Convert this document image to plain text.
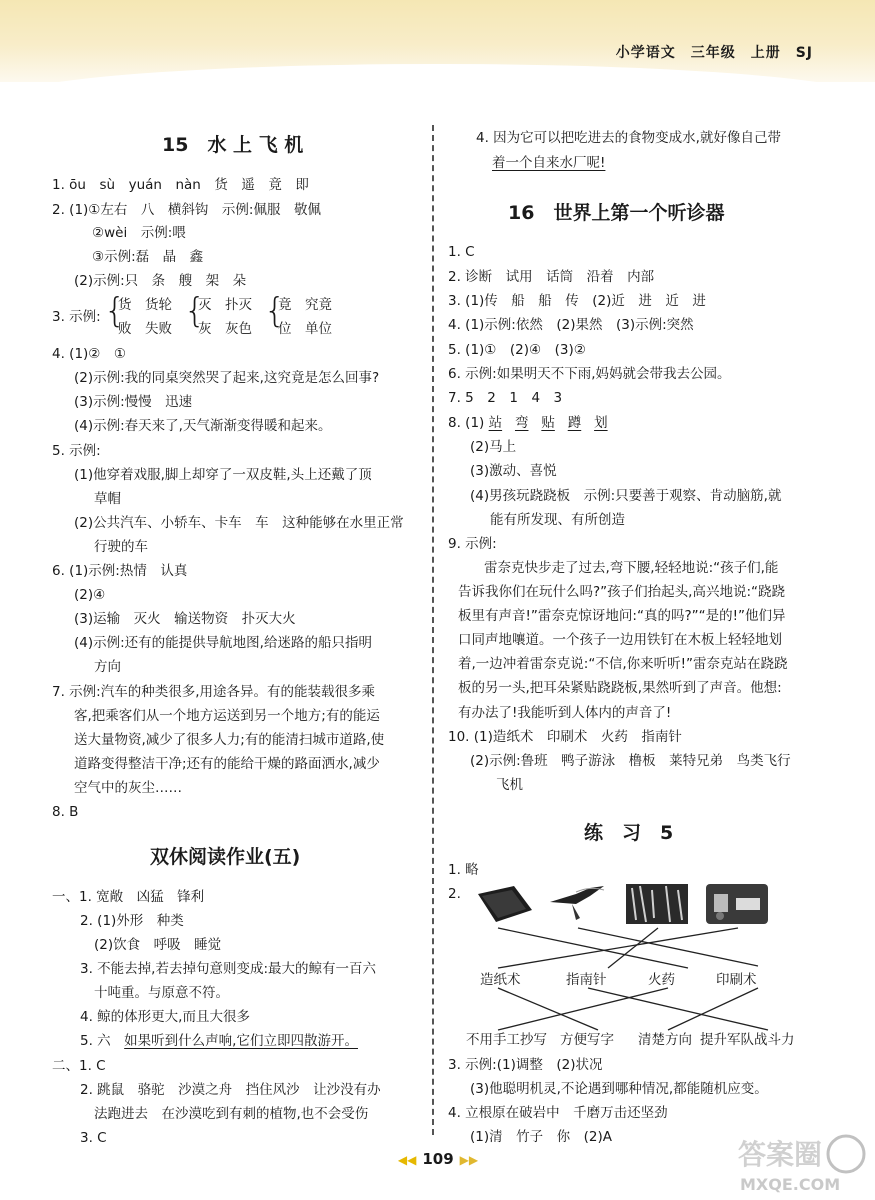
小学语文　三年级　上册　SJ
15　水 上 飞 机
1. ōu　sù　yuán　nàn　货　遥　竟　即
2. (1)①左右　八　横斜钩　示例:佩服　敬佩
②wèi　示例:喂
③示例:磊　晶　鑫
(2)示例:只　条　艘　架　朵
3. 示例: {
货　货轮
败　失败 {
灭　扑灭
灰　灰色 {
竟　究竟
位　单位
4. (1)②　①
(2)示例:我的同桌突然哭了起来,这究竟是怎么回事?
(3)示例:慢慢　迅速
(4)示例:春天来了,天气渐渐变得暖和起来。
5. 示例:
(1)他穿着戏服,脚上却穿了一双皮鞋,头上还戴了顶
草帽
(2)公共汽车、小轿车、卡车　车　这种能够在水里正常
行驶的车
6. (1)示例:热情　认真
(2)④
(3)运输　灭火　输送物资　扑灭大火
(4)示例:还有的能提供导航地图,给迷路的船只指明
方向
7. 示例:汽车的种类很多,用途各异。有的能装载很多乘
客,把乘客们从一个地方运送到另一个地方;有的能运
送大量物资,减少了很多人力;有的能清扫城市道路,使
道路变得整洁干净;还有的能给干燥的路面洒水,减少
空气中的灰尘……
8. B
双休阅读作业(五)
一、1. 宽敞　凶猛　锋利
2. (1)外形　种类
(2)饮食　呼吸　睡觉
3. 不能去掉,若去掉句意则变成:最大的鲸有一百六
十吨重。与原意不符。
4. 鲸的体形更大,而且大很多
5. 六　如果听到什么声响,它们立即四散游开。
二、1. C
2. 跳鼠　骆驼　沙漠之舟　挡住风沙　让沙没有办
法跑进去　在沙漠吃到有刺的植物,也不会受伤
3. C
4. 因为它可以把吃进去的食物变成水,就好像自己带
着一个自来水厂呢!
16　世界上第一个听诊器
1. C
2. 诊断　试用　话筒　沿着　内部
3. (1)传　船　船　传　(2)近　进　近　进
4. (1)示例:依然　(2)果然　(3)示例:突然
5. (1)①　(2)④　(3)②
6. 示例:如果明天不下雨,妈妈就会带我去公园。
7. 5　2　1　4　3
8. (1) 站 弯 贴 蹲 划
(2)马上
(3)激动、喜悦
(4)男孩玩跷跷板　示例:只要善于观察、肯动脑筋,就
能有所发现、有所创造
9. 示例:
雷奈克快步走了过去,弯下腰,轻轻地说:“孩子们,能
告诉我你们在玩什么吗?”孩子们抬起头,高兴地说:“跷跷
板里有声音!”雷奈克惊讶地问:“真的吗?”“是的!”他们异
口同声地嚷道。一个孩子一边用铁钉在木板上轻轻地划
着,一边冲着雷奈克说:“不信,你来听听!”雷奈克站在跷跷
板的另一头,把耳朵紧贴跷跷板,果然听到了声音。他想:
有办法了!我能听到人体内的声音了!
10. (1)造纸术　印刷术　火药　指南针
(2)示例:鲁班　鸭子游泳　橹板　莱特兄弟　鸟类飞行
飞机
练　习　5
1. 略
2.
造纸术	指南针	火药	印刷术
不用手工抄写 方便写字 清楚方向 提升军队战斗力
3. 示例:(1)调整　(2)状况
(3)他聪明机灵,不论遇到哪种情况,都能随机应变。
4. 立根原在破岩中　千磨万击还坚劲
(1)清　竹子　你　(2)A
◀◀ 109 ▶▶	答案圈
MXQE.COM
